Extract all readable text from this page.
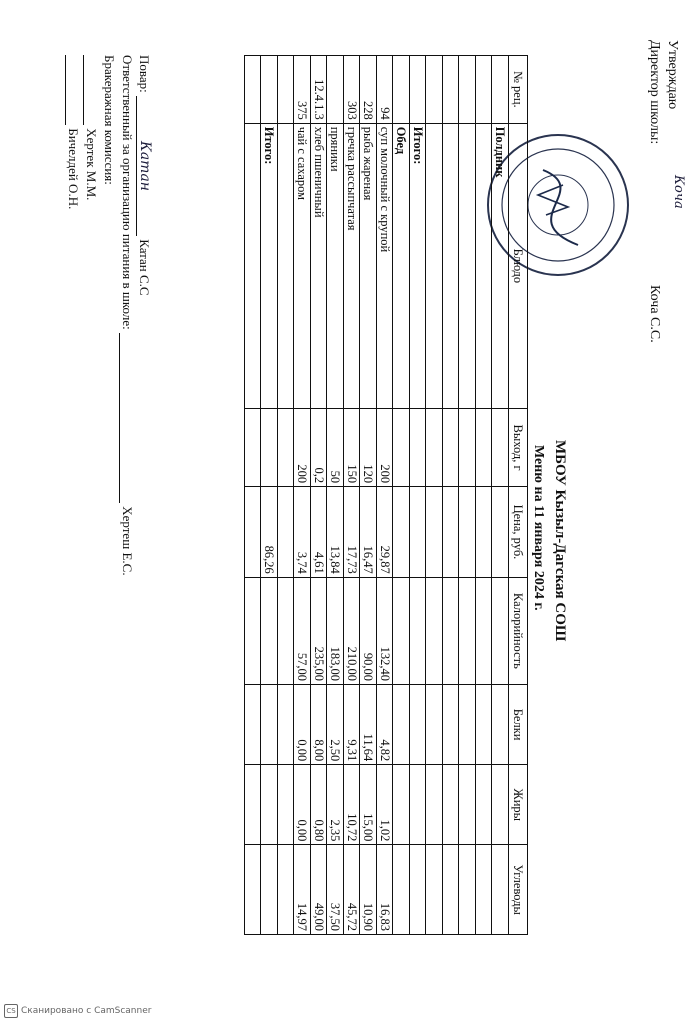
Утверждаю
Директор школы:
Коча С.С.
Коча
МБОУ Кызыл-Дагская СОШ
Меню на 11 января 2024 г.
№ рец.	Блюдо	Выход, г	Цена, руб.	Калорийность	Белки	Жиры	Углеводы
	Полдник						

	Итого:						
	Обед						
94	суп молочный с крупой	200	29,87	132,40	4,82	1,02	16,83
228	рыба жареная	120	16,47	90,00	11,64	15,00	10,90
303	гречка рассыпчатая	150	17,73	210,00	9,31	10,72	45,72
	пряники	50	13,84	183,00	2,50	2,35	37,50
12.4.1.3	хлеб пшеничный	0,2	4,61	235,00	8,00	0,80	49,00
375	чай с сахаром	200	3,74	57,00	0,00	0,00	14,97

	Итого:		86,26				

Повар: Катан Катан С.С
Ответственный за организацию питания в школе:  Хертеш Е.С.
Бракеражная комиссия:
Хертек М.М.
Бичелдей О.Н.
CS Сканировано с CamScanner
